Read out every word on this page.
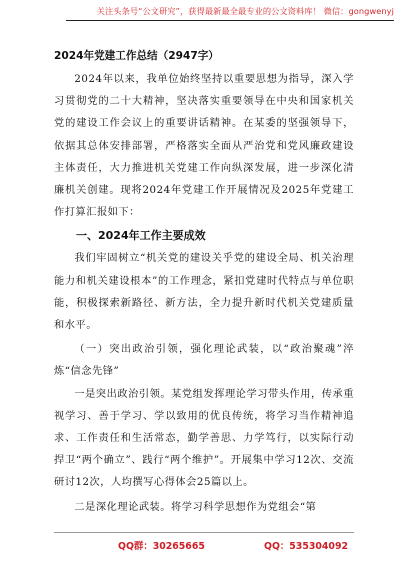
关注头条号“公文研究”，获得最新最全最专业的公文资料库！ 微信：gongwenyj
2024年党建工作总结（2947字）

2024年以来，我单位始终坚持以重要思想为指导，深入学习贯彻党的二十大精神，坚决落实重要领导在中央和国家机关党的建设工作会议上的重要讲话精神。在某委的坚强领导下，依据其总体安排部署，严格落实全面从严治党和党风廉政建设主体责任，大力推进机关党建工作向纵深发展，进一步深化清廉机关创建。现将2024年党建工作开展情况及2025年党建工作打算汇报如下：

一、2024年工作主要成效

我们牢固树立“机关党的建设关乎党的建设全局、机关治理能力和机关建设根本”的工作理念，紧扣党建时代特点与单位职能，积极探索新路径、新方法，全力提升新时代机关党建质量和水平。

（一）突出政治引领，强化理论武装，以“政治聚魂”淬炼“信念先锋”

一是突出政治引领。某党组发挥理论学习带头作用，传承重视学习、善于学习、学以致用的优良传统，将学习当作精神追求、工作责任和生活常态，勤学善思、力学笃行，以实际行动捍卫“两个确立”、践行“两个维护”。开展集中学习12次、交流研讨12次，人均撰写心得体会25篇以上。

二是深化理论武装。将学习科学思想作为党组会“第

QQ群：30265665	QQ：535304092
